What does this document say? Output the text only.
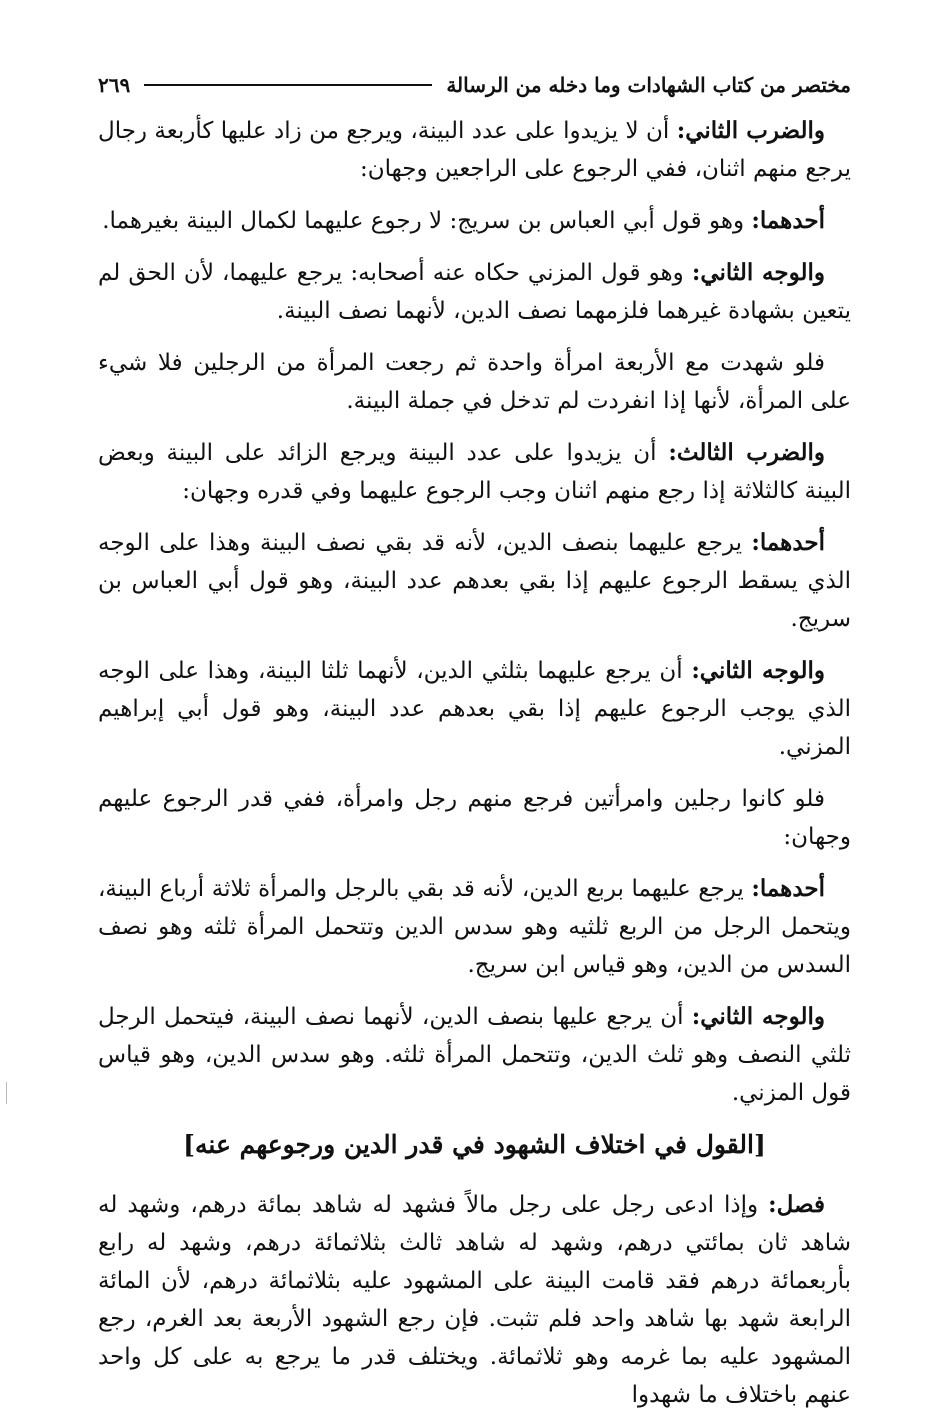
مختصر من كتاب الشهادات وما دخله من الرسالة
٢٦٩

والضرب الثاني: أن لا يزيدوا على عدد البينة، ويرجع من زاد عليها كأربعة رجال يرجع منهم اثنان، ففي الرجوع على الراجعين وجهان:

أحدهما: وهو قول أبي العباس بن سريج: لا رجوع عليهما لكمال البينة بغيرهما.

والوجه الثاني: وهو قول المزني حكاه عنه أصحابه: يرجع عليهما، لأن الحق لم يتعين بشهادة غيرهما فلزمهما نصف الدين، لأنهما نصف البينة.

فلو شهدت مع الأربعة امرأة واحدة ثم رجعت المرأة من الرجلين فلا شيء على المرأة، لأنها إذا انفردت لم تدخل في جملة البينة.

والضرب الثالث: أن يزيدوا على عدد البينة ويرجع الزائد على البينة وبعض البينة كالثلاثة إذا رجع منهم اثنان وجب الرجوع عليهما وفي قدره وجهان:

أحدهما: يرجع عليهما بنصف الدين، لأنه قد بقي نصف البينة وهذا على الوجه الذي يسقط الرجوع عليهم إذا بقي بعدهم عدد البينة، وهو قول أبي العباس بن سريج.

والوجه الثاني: أن يرجع عليهما بثلثي الدين، لأنهما ثلثا البينة، وهذا على الوجه الذي يوجب الرجوع عليهم إذا بقي بعدهم عدد البينة، وهو قول أبي إبراهيم المزني.

فلو كانوا رجلين وامرأتين فرجع منهم رجل وامرأة، ففي قدر الرجوع عليهم وجهان:

أحدهما: يرجع عليهما بربع الدين، لأنه قد بقي بالرجل والمرأة ثلاثة أرباع البينة، ويتحمل الرجل من الربع ثلثيه وهو سدس الدين وتتحمل المرأة ثلثه وهو نصف السدس من الدين، وهو قياس ابن سريج.

والوجه الثاني: أن يرجع عليها بنصف الدين، لأنهما نصف البينة، فيتحمل الرجل ثلثي النصف وهو ثلث الدين، وتتحمل المرأة ثلثه. وهو سدس الدين، وهو قياس قول المزني.

[القول في اختلاف الشهود في قدر الدين ورجوعهم عنه]

فصل: وإذا ادعى رجل على رجل مالاً فشهد له شاهد بمائة درهم، وشهد له شاهد ثان بمائتي درهم، وشهد له شاهد ثالث بثلاثمائة درهم، وشهد له رابع بأربعمائة درهم فقد قامت البينة على المشهود عليه بثلاثمائة درهم، لأن المائة الرابعة شهد بها شاهد واحد فلم تثبت. فإن رجع الشهود الأربعة بعد الغرم، رجع المشهود عليه بما غرمه وهو ثلاثمائة. ويختلف قدر ما يرجع به على كل واحد عنهم باختلاف ما شهدوا
